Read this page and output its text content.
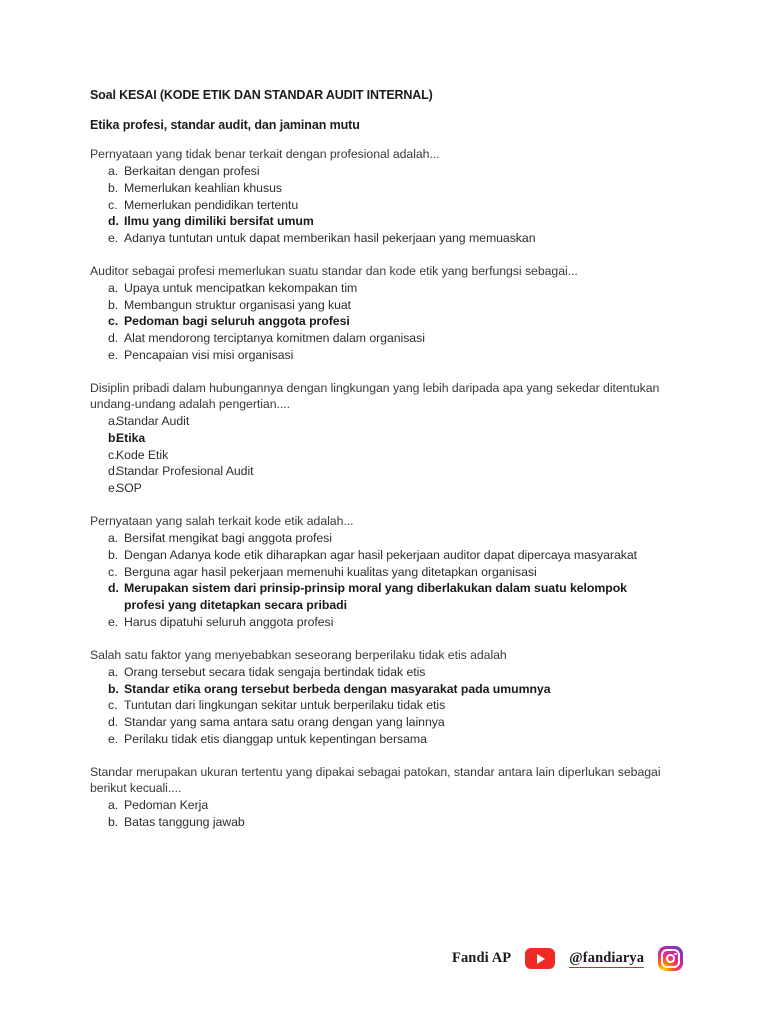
Soal KESAI (KODE ETIK DAN STANDAR AUDIT INTERNAL)
Etika profesi, standar audit, dan jaminan mutu

Pernyataan yang tidak benar terkait dengan profesional adalah...

a. Berkaitan dengan profesi
b. Memerlukan keahlian khusus
c. Memerlukan pendidikan tertentu
d. Ilmu yang dimiliki bersifat umum
e. Adanya tuntutan untuk dapat memberikan hasil pekerjaan yang memuaskan

Auditor sebagai profesi memerlukan suatu standar dan kode etik yang berfungsi sebagai...

a. Upaya untuk mencipatkan kekompakan tim
b. Membangun struktur organisasi yang kuat
c. Pedoman bagi seluruh anggota profesi
d. Alat mendorong terciptanya komitmen dalam organisasi
e. Pencapaian visi misi organisasi

Disiplin pribadi dalam hubungannya dengan lingkungan yang lebih daripada apa yang sekedar ditentukan undang-undang adalah pengertian....

a.
Standar Audit
b.
Etika
c.
Kode Etik
d.
Standar Profesional Audit
e.
SOP

Pernyataan yang salah terkait kode etik adalah...

a. Bersifat mengikat bagi anggota profesi
b. Dengan Adanya kode etik diharapkan agar hasil pekerjaan auditor dapat dipercaya masyarakat
c. Berguna agar hasil pekerjaan memenuhi kualitas yang ditetapkan organisasi
d. Merupakan sistem dari prinsip-prinsip moral yang diberlakukan dalam suatu kelompok profesi yang ditetapkan secara pribadi
e. Harus dipatuhi seluruh anggota profesi

Salah satu faktor yang menyebabkan seseorang berperilaku tidak etis adalah

a. Orang tersebut secara tidak sengaja bertindak tidak etis
b. Standar etika orang tersebut berbeda dengan masyarakat pada umumnya
c. Tuntutan dari lingkungan sekitar untuk berperilaku tidak etis
d. Standar yang sama antara satu orang dengan yang lainnya
e. Perilaku tidak etis dianggap untuk kepentingan bersama

Standar merupakan ukuran tertentu yang dipakai sebagai patokan, standar antara lain diperlukan sebagai berikut kecuali....

a. Pedoman Kerja
b. Batas tanggung jawab
Fandi AP	@fandiarya
